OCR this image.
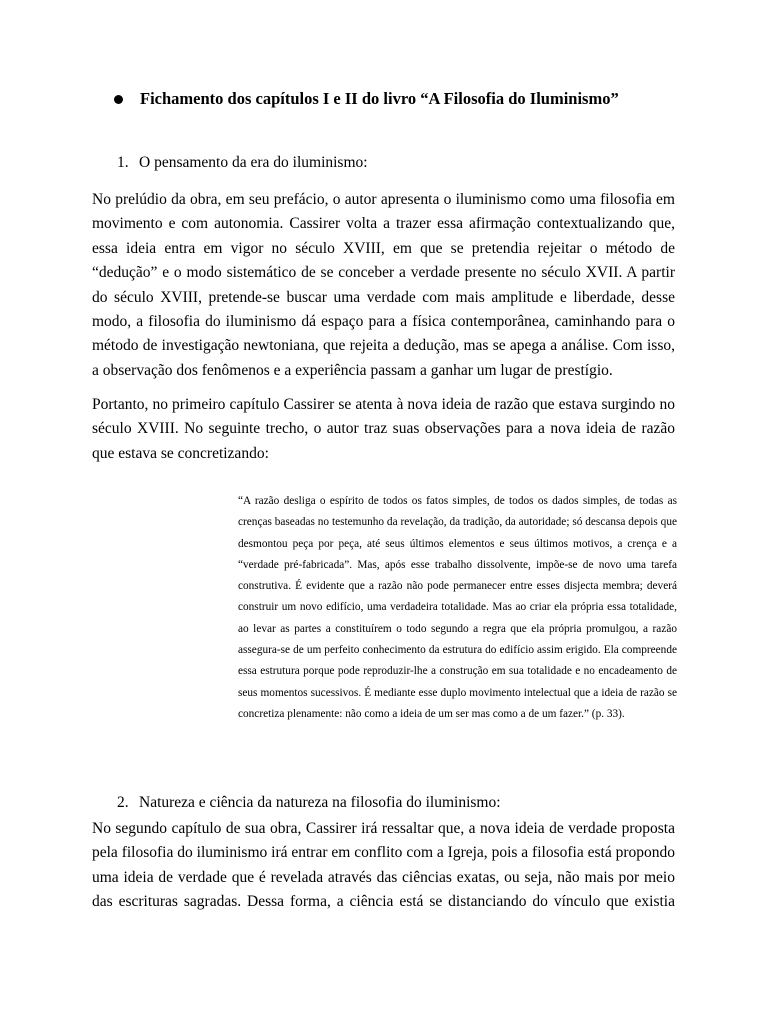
Fichamento dos capítulos I e II do livro “A Filosofia do Iluminismo”
1. O pensamento da era do iluminismo:

No prelúdio da obra, em seu prefácio, o autor apresenta o iluminismo como uma filosofia em movimento e com autonomia. Cassirer volta a trazer essa afirmação contextualizando que, essa ideia entra em vigor no século XVIII, em que se pretendia rejeitar o método de “dedução” e o modo sistemático de se conceber a verdade presente no século XVII. A partir do século XVIII, pretende-se buscar uma verdade com mais amplitude e liberdade, desse modo, a filosofia do iluminismo dá espaço para a física contemporânea, caminhando para o método de investigação newtoniana, que rejeita a dedução, mas se apega a análise. Com isso, a observação dos fenômenos e a experiência passam a ganhar um lugar de prestígio.

Portanto, no primeiro capítulo Cassirer se atenta à nova ideia de razão que estava surgindo no século XVIII. No seguinte trecho, o autor traz suas observações para a nova ideia de razão que estava se concretizando:

“A razão desliga o espírito de todos os fatos simples, de todos os dados simples, de todas as crenças baseadas no testemunho da revelação, da tradição, da autoridade; só descansa depois que desmontou peça por peça, até seus últimos elementos e seus últimos motivos, a crença e a “verdade pré-fabricada”. Mas, após esse trabalho dissolvente, impõe-se de novo uma tarefa construtiva. É evidente que a razão não pode permanecer entre esses disjecta membra; deverá construir um novo edifício, uma verdadeira totalidade. Mas ao criar ela própria essa totalidade, ao levar as partes a constituírem o todo segundo a regra que ela própria promulgou, a razão assegura-se de um perfeito conhecimento da estrutura do edifício assim erigido. Ela compreende essa estrutura porque pode reproduzir-lhe a construção em sua totalidade e no encadeamento de seus momentos sucessivos. É mediante esse duplo movimento intelectual que a ideia de razão se concretiza plenamente: não como a ideia de um ser mas como a de um fazer.” (p. 33).

2. Natureza e ciência da natureza na filosofia do iluminismo:

No segundo capítulo de sua obra, Cassirer irá ressaltar que, a nova ideia de verdade proposta pela filosofia do iluminismo irá entrar em conflito com a Igreja, pois a filosofia está propondo uma ideia de verdade que é revelada através das ciências exatas, ou seja, não mais por meio das escrituras sagradas. Dessa forma, a ciência está se distanciando do vínculo que existia
